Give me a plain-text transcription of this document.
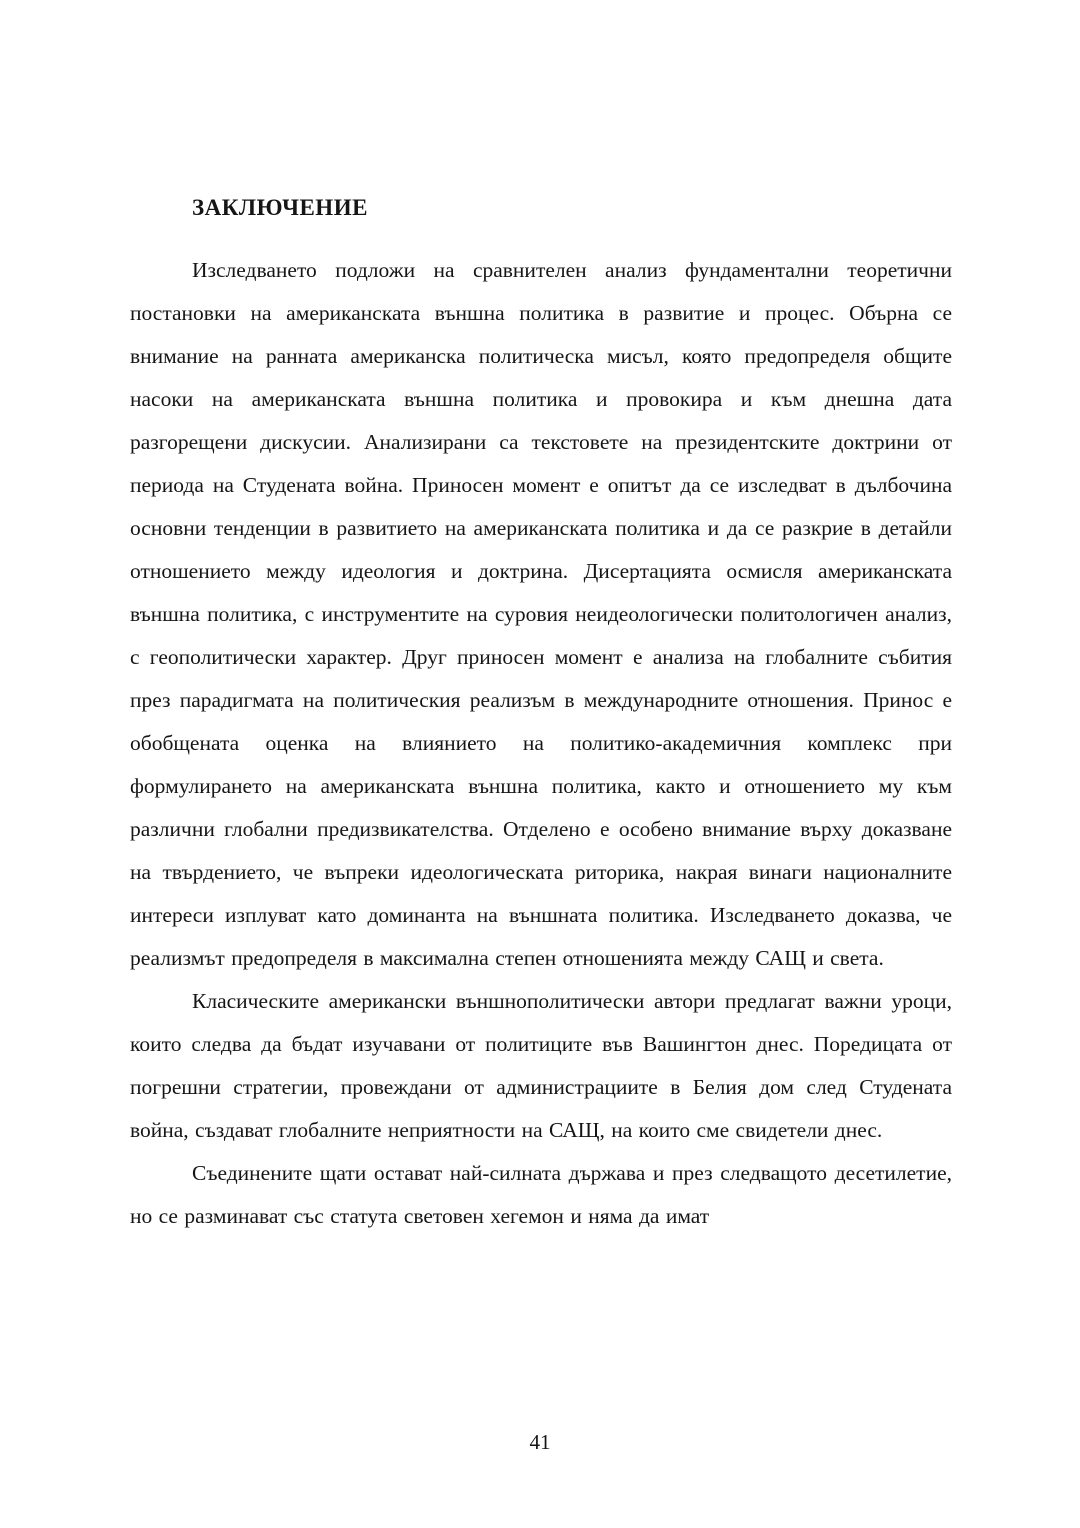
ЗАКЛЮЧЕНИЕ

Изследването подложи на сравнителен анализ фундаментални теоретични постановки на американската външна политика в развитие и процес. Обърна се внимание на ранната американска политическа мисъл, която предопределя общите насоки на американската външна политика и провокира и към днешна дата разгорещени дискусии. Анализирани са текстовете на президентските доктрини от периода на Студената война. Приносен момент е опитът да се изследват в дълбочина основни тенденции в развитието на американската политика и да се разкрие в детайли отношението между идеология и доктрина. Дисертацията осмисля американската външна политика, с инструментите на суровия неидеологически политологичен анализ, с геополитически характер. Друг приносен момент е анализа на глобалните събития през парадигмата на политическия реализъм в международните отношения. Принос е обобщената оценка на влиянието на политико-академичния комплекс при формулирането на американската външна политика, както и отношението му към различни глобални предизвикателства. Отделено е особено внимание върху доказване на твърдението, че въпреки идеологическата риторика, накрая винаги националните интереси изплуват като доминанта на външната политика. Изследването доказва, че реализмът предопределя в максимална степен отношенията между САЩ и света.

Класическите американски външнополитически автори предлагат важни уроци, които следва да бъдат изучавани от политиците във Вашингтон днес. Поредицата от погрешни стратегии, провеждани от администрациите в Белия дом след Студената война, създават глобалните неприятности на САЩ, на които сме свидетели днес.

Съединените щати остават най-силната държава и през следващото десетилетие, но се разминават със статута световен хегемон и няма да имат

41
